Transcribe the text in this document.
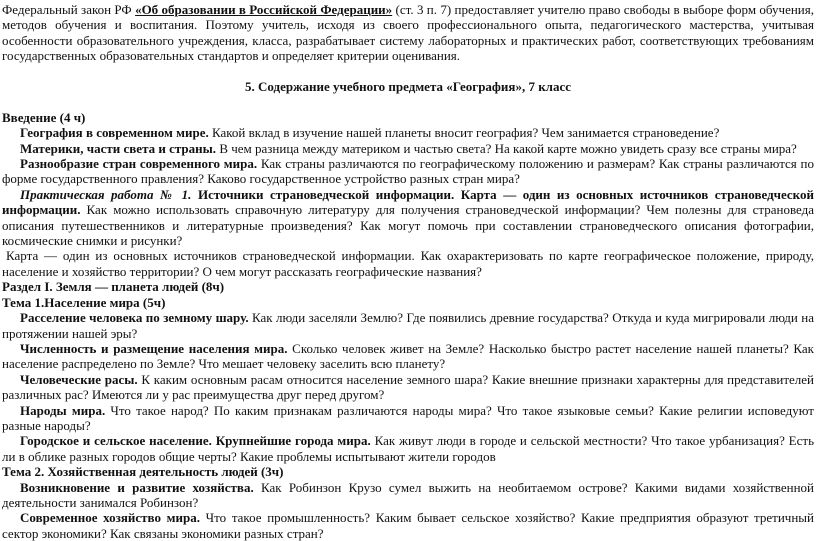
Федеральный закон РФ «Об образовании в Российской Федерации» (ст. 3 п. 7) предоставляет учителю право свободы в выборе форм обучения, методов обучения и воспитания. Поэтому учитель, исходя из своего профессионального опыта, педагогического мастерства, учитывая особенности образовательного учреждения, класса, разрабатывает систему лабораторных и практических работ, соответствующих требованиям государственных образовательных стандартов и определяет критерии оценивания.
5. Содержание учебного предмета «География», 7 класс
Введение (4 ч)
География в современном мире. Какой вклад в изучение нашей планеты вносит география? Чем занимается страноведение?
Материки, части света и страны. В чем разница между материком и частью света? На какой карте можно увидеть сразу все страны мира?
Разнообразие стран современного мира. Как страны различаются по географическому положению и размерам? Как страны различаются по форме государственного правления? Каково государственное устройство разных стран мира?
Практическая работа № 1. Источники страноведческой информации. Карта — один из основных источников страноведческой информации. Как можно использовать справочную литературу для получения страноведческой информации? Чем полезны для страноведа описания путешественников и литературные произведения? Как могут помочь при составлении страноведческого описания фотографии, космические снимки и рисунки?
Карта — один из основных источников страноведческой информации. Как охарактеризовать по карте географическое положение, природу, население и хозяйство территории? О чем могут рассказать географические названия?
Раздел I. Земля — планета людей (8ч)
Тема 1.Население мира (5ч)
Расселение человека по земному шару. Как люди заселяли Землю? Где появились древние государства? Откуда и куда мигрировали люди на протяжении нашей эры?
Численность и размещение населения мира. Сколько человек живет на Земле? Насколько быстро растет население нашей планеты? Как население распределено по Земле? Что мешает человеку заселить всю планету?
Человеческие расы. К каким основным расам относится население земного шара? Какие внешние признаки характерны для представителей различных рас? Имеются ли у рас преимущества друг перед другом?
Народы мира. Что такое народ? По каким признакам различаются народы мира? Что такое языковые семьи? Какие религии исповедуют разные народы?
Городское и сельское население. Крупнейшие города мира. Как живут люди в городе и сельской местности? Что такое урбанизация? Есть ли в облике разных городов общие черты? Какие проблемы испытывают жители городов
Тема 2. Хозяйственная деятельность людей (3ч)
Возникновение и развитие хозяйства. Как Робинзон Крузо сумел выжить на необитаемом острове? Какими видами хозяйственной деятельности занимался Робинзон?
Современное хозяйство мира. Что такое промышленность? Каким бывает сельское хозяйство? Какие предприятия образуют третичный сектор экономики? Как связаны экономики разных стран?
